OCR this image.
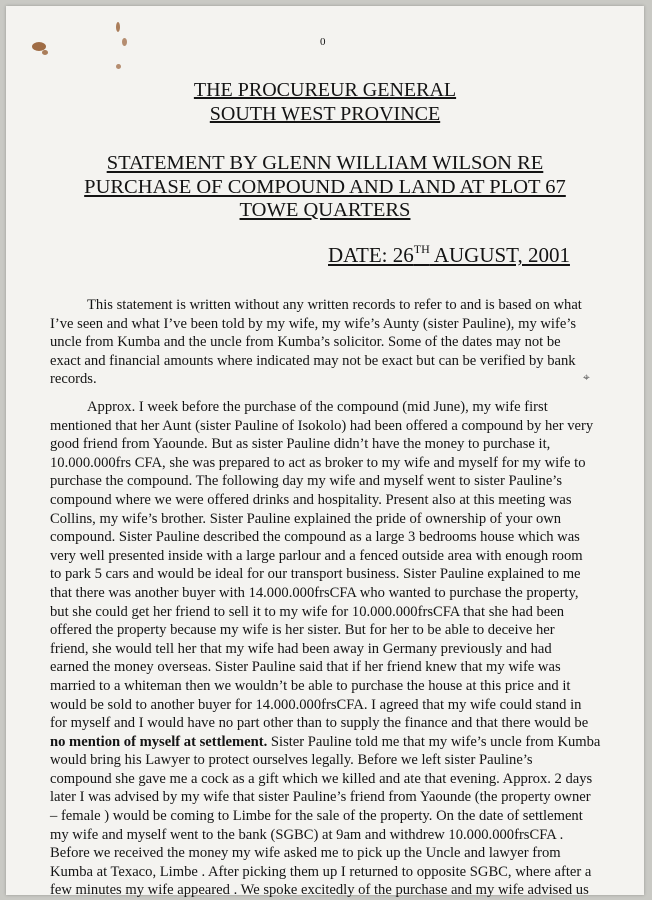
0
THE PROCUREUR GENERAL
SOUTH WEST PROVINCE
STATEMENT BY GLENN WILLIAM WILSON RE
PURCHASE OF COMPOUND AND LAND AT PLOT 67
TOWE QUARTERS
DATE: 26TH AUGUST, 2001
This statement is written without any written records to refer to and is based on what
I’ve seen and what I’ve been told by my wife, my wife’s Aunty (sister Pauline), my wife’s
uncle from Kumba and the uncle from Kumba’s solicitor. Some of the dates may not be
exact and financial amounts where indicated may not be exact but can be verified by bank
records.	⌖
Approx. I week before the purchase of the compound (mid June), my wife first
mentioned that her Aunt (sister Pauline of Isokolo) had been offered a compound by her very
good friend from Yaounde. But as sister Pauline didn’t have the money to purchase it,
10.000.000frs CFA, she was prepared to act as broker to my wife and myself for my wife to
purchase the compound. The following day my wife and myself went to sister Pauline’s
compound where we were offered drinks and hospitality. Present also at this meeting was
Collins, my wife’s brother. Sister Pauline explained the pride of ownership of your own
compound. Sister Pauline described the compound as a large 3 bedrooms house which was
very well presented inside with a large parlour and a fenced outside area with enough room
to park 5 cars and would be ideal for our transport business. Sister Pauline explained to me
that there was another buyer with 14.000.000frsCFA who wanted to purchase the property,
but she could get her friend to sell it to my wife for 10.000.000frsCFA that she had been
offered the property because my wife is her sister. But for her to be able to deceive her
friend, she would tell her that my wife had been away in Germany previously and had
earned the money overseas. Sister Pauline said that if her friend knew that my wife was
married to a whiteman then we wouldn’t be able to purchase the house at this price and it
would be sold to another buyer for 14.000.000frsCFA. I agreed that my wife could stand in
for myself and I would have no part other than to supply the finance and that there would be
no mention of myself at settlement. Sister Pauline told me that my wife’s uncle from Kumba
would bring his Lawyer to protect ourselves legally. Before we left sister Pauline’s
compound she gave me a cock as a gift which we killed and ate that evening. Approx. 2 days
later I was advised by my wife that sister Pauline’s friend from Yaounde (the property owner
– female ) would be coming to Limbe for the sale of the property. On the date of settlement
my wife and myself went to the bank (SGBC) at 9am and withdrew 10.000.000frsCFA .
Before we received the money my wife asked me to pick up the Uncle and lawyer from
Kumba at Texaco, Limbe . After picking them up I returned to opposite SGBC, where after a
few minutes my wife appeared . We spoke excitedly of the purchase and my wife advised us
